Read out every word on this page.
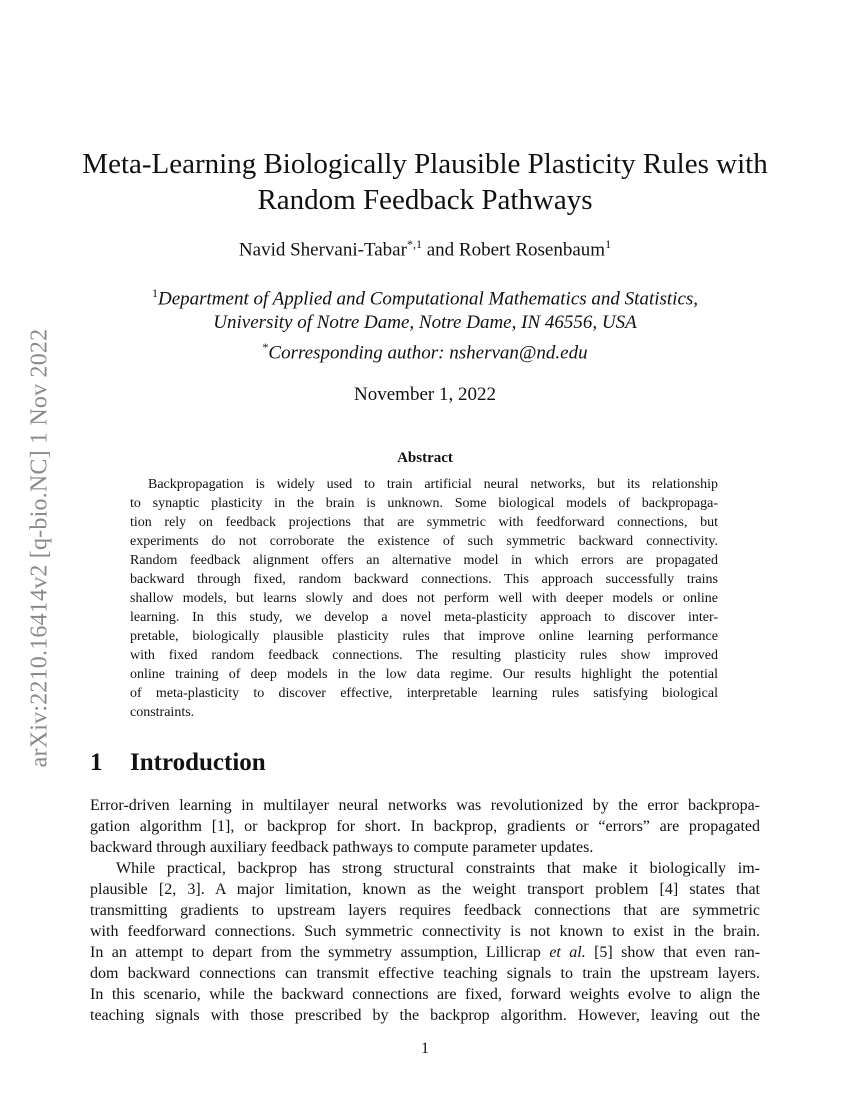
arXiv:2210.16414v2 [q-bio.NC] 1 Nov 2022
Meta-Learning Biologically Plausible Plasticity Rules with
Random Feedback Pathways
Navid Shervani-Tabar$^{*,1}$ and Robert Rosenbaum$^1$
$^1$Department of Applied and Computational Mathematics and Statistics,
University of Notre Dame, Notre Dame, IN 46556, USA
*Corresponding author: nshervan@nd.edu
November 1, 2022
Abstract
Backpropagation is widely used to train artificial neural networks, but its relationship
to synaptic plasticity in the brain is unknown. Some biological models of backpropaga-
tion rely on feedback projections that are symmetric with feedforward connections, but
experiments do not corroborate the existence of such symmetric backward connectivity.
Random feedback alignment offers an alternative model in which errors are propagated
backward through fixed, random backward connections. This approach successfully trains
shallow models, but learns slowly and does not perform well with deeper models or online
learning. In this study, we develop a novel meta-plasticity approach to discover inter-
pretable, biologically plausible plasticity rules that improve online learning performance
with fixed random feedback connections. The resulting plasticity rules show improved
online training of deep models in the low data regime. Our results highlight the potential
of meta-plasticity to discover effective, interpretable learning rules satisfying biological
constraints.
1 Introduction
Error-driven learning in multilayer neural networks was revolutionized by the error backpropa-
gation algorithm [1], or backprop for short. In backprop, gradients or “errors” are propagated
backward through auxiliary feedback pathways to compute parameter updates.
While practical, backprop has strong structural constraints that make it biologically im-
plausible [2, 3]. A major limitation, known as the weight transport problem [4] states that
transmitting gradients to upstream layers requires feedback connections that are symmetric
with feedforward connections. Such symmetric connectivity is not known to exist in the brain.
In an attempt to depart from the symmetry assumption, Lillicrap et al. [5] show that even ran-
dom backward connections can transmit effective teaching signals to train the upstream layers.
In this scenario, while the backward connections are fixed, forward weights evolve to align the
teaching signals with those prescribed by the backprop algorithm. However, leaving out the
1
